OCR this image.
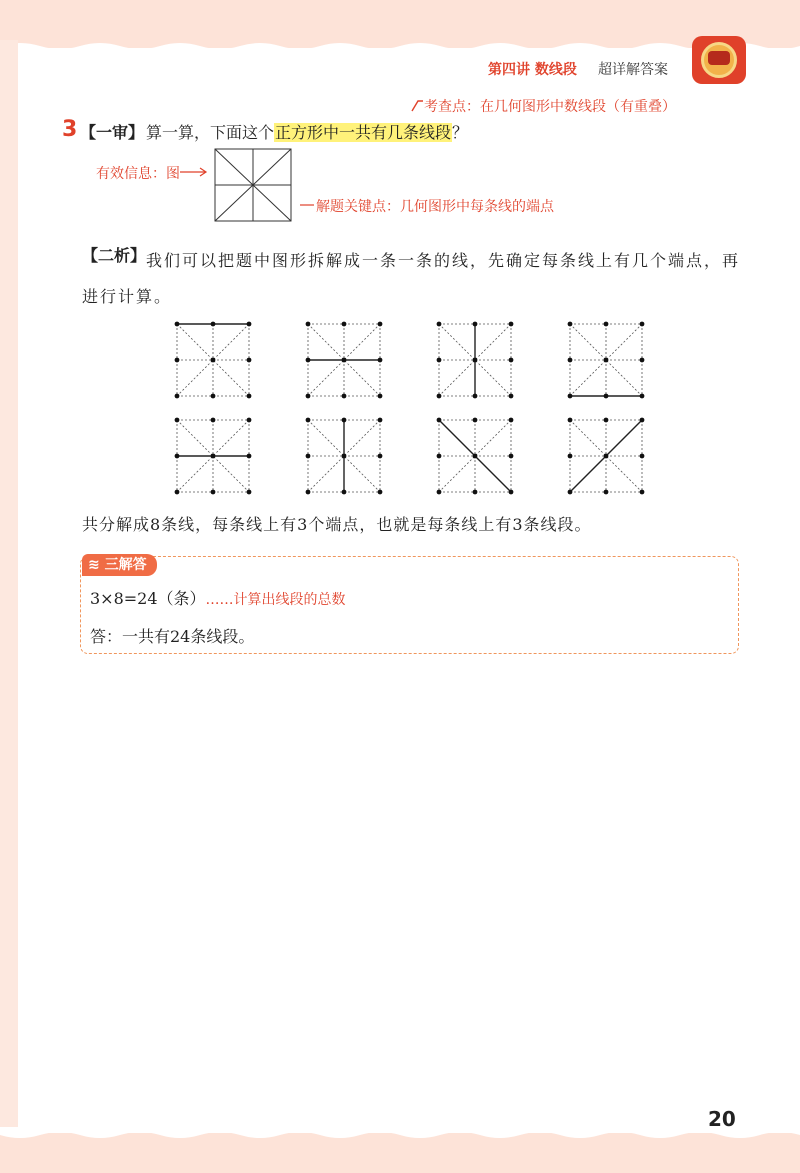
第四讲 数线段 超详解答案
3 【一审】 算一算，下面这个正方形中一共有几条线段？
考查点：在几何图形中数线段（有重叠）
有效信息：图
解题关键点：几何图形中每条线的端点
【二析】 我们可以把题中图形拆解成一条一条的线，先确定每条线上有几个端点，再进行计算。
共分解成8条线，每条线上有3个端点，也就是每条线上有3条线段。
≋ 三解答
3×8=24（条）……计算出线段的总数
答：一共有24条线段。
20
